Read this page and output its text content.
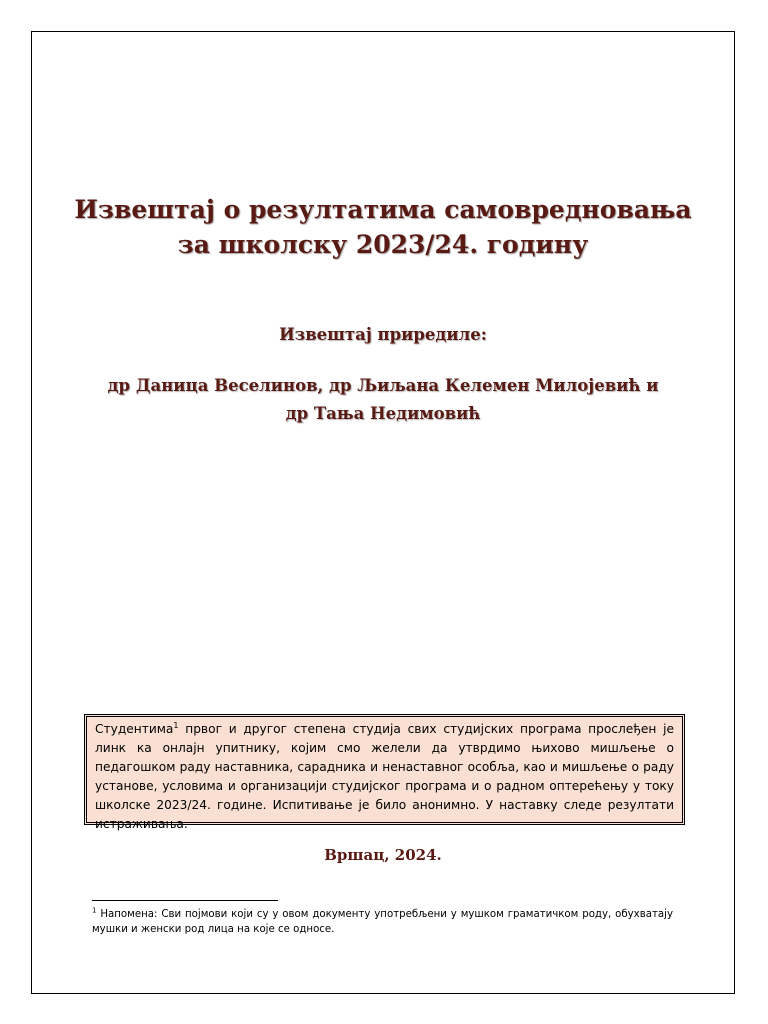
Извештај о резултатима самовредновања
за школску 2023/24. годину
Извештај приредиле:
др Даница Веселинов, др Љиљана Келемен Милојевић и
др Тања Недимовић
Студентима$^1$ првог и другог степена студија свих студијских програма прослеђен је линк ка онлајн упитнику, којим смо желели да утврдимо њихово мишљење о педагошком раду наставника, сарадника и ненаставног особља, као и мишљење о раду установе, условима и организацији студијског програма и о радном оптерећењу у току школске 2023/24. године. Испитивање је било анонимно. У наставку следе резултати истраживања.
Вршац, 2024.
$^1$ Напомена: Сви појмови који су у овом документу употребљени у мушком граматичком роду, обухватају мушки и женски род лица на које се односе.
